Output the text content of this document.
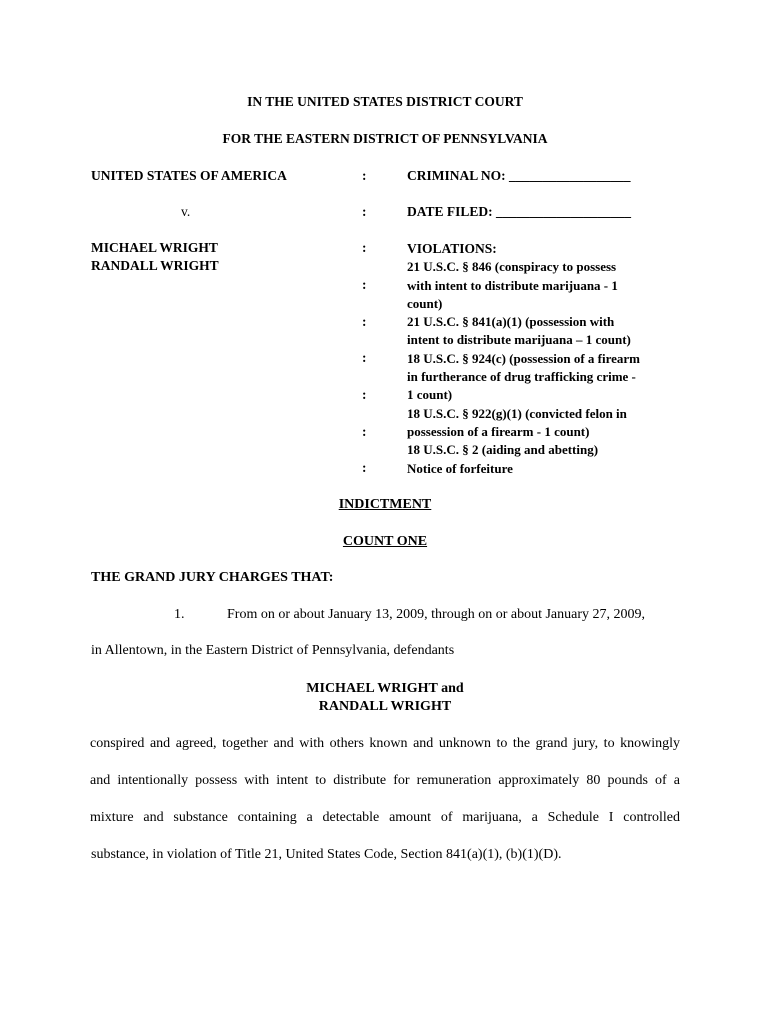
IN THE UNITED STATES DISTRICT COURT
FOR THE EASTERN DISTRICT OF PENNSYLVANIA
UNITED STATES OF AMERICA
v.
MICHAEL WRIGHT
RANDALL WRIGHT
:
:
:
:
:
:
:
:
:
CRIMINAL NO: __________________
DATE FILED: ____________________
VIOLATIONS:
21 U.S.C. § 846 (conspiracy to possess
with intent to distribute marijuana - 1
count)
21 U.S.C. § 841(a)(1) (possession with
intent to distribute marijuana – 1 count)
18 U.S.C. § 924(c) (possession of a firearm
in furtherance of drug trafficking crime -
1 count)
18 U.S.C. § 922(g)(1) (convicted felon in
possession of a firearm - 1 count)
18 U.S.C. § 2 (aiding and abetting)
Notice of forfeiture
INDICTMENT
COUNT ONE
THE GRAND JURY CHARGES THAT:
1.	From on or about January 13, 2009, through on or about January 27, 2009,
in Allentown, in the Eastern District of Pennsylvania, defendants
MICHAEL WRIGHT and
RANDALL WRIGHT
conspired and agreed, together and with others known and unknown to the grand jury, to knowingly
and intentionally possess with intent to distribute for remuneration approximately 80 pounds of a
mixture and substance containing a detectable amount of marijuana, a Schedule I controlled
substance, in violation of Title 21, United States Code, Section 841(a)(1), (b)(1)(D).
